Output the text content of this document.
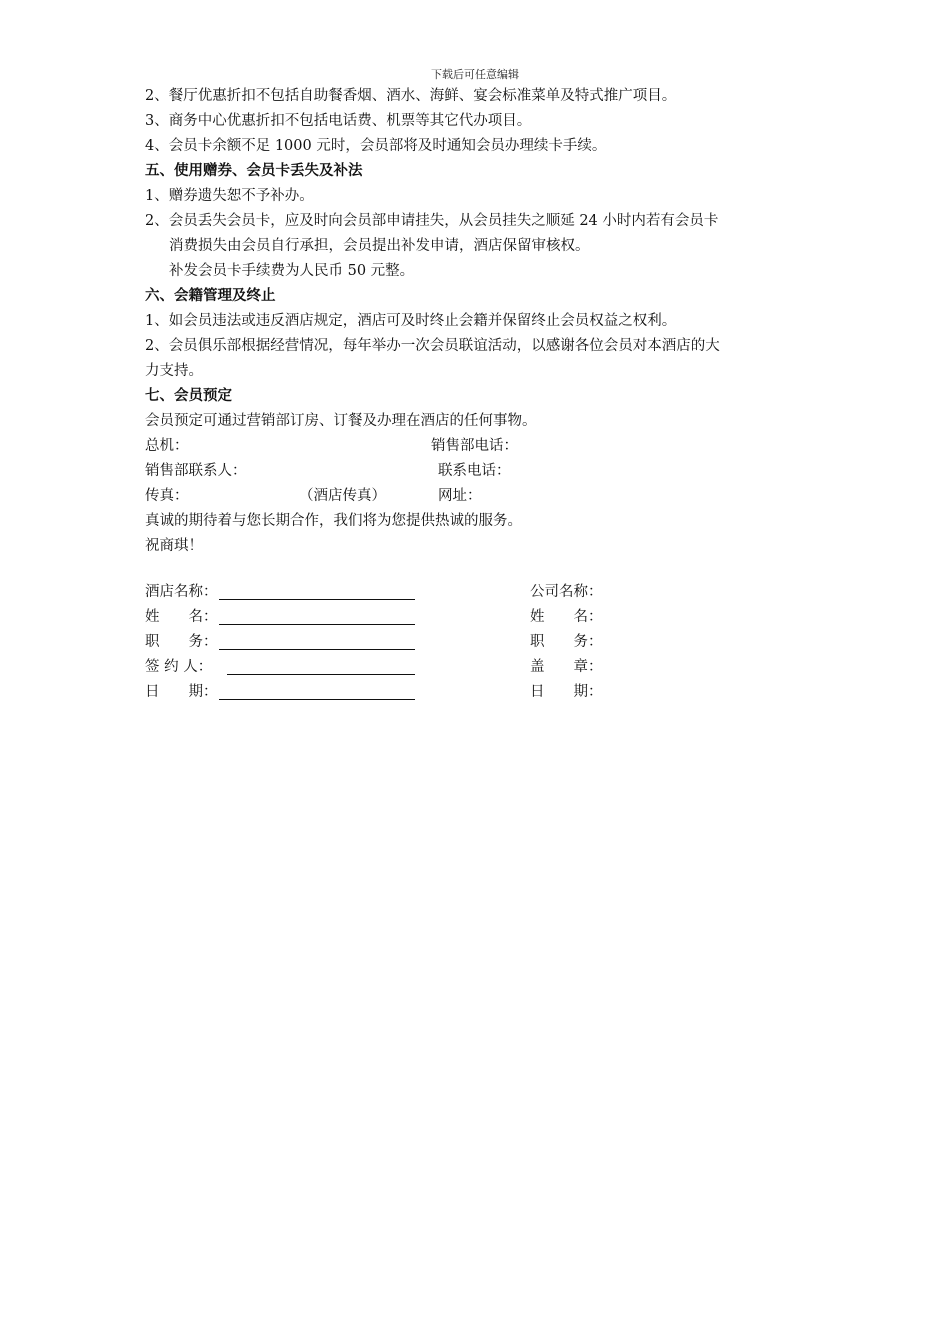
下载后可任意编辑
2、餐厅优惠折扣不包括自助餐香烟、酒水、海鲜、宴会标准菜单及特式推广项目。
3、商务中心优惠折扣不包括电话费、机票等其它代办项目。
4、会员卡余额不足 1000 元时，会员部将及时通知会员办理续卡手续。
五、使用赠券、会员卡丢失及补法
1、赠券遗失恕不予补办。
2、会员丢失会员卡，应及时向会员部申请挂失，从会员挂失之顺延 24 小时内若有会员卡
消费损失由会员自行承担，会员提出补发申请，酒店保留审核权。
补发会员卡手续费为人民币 50 元整。
六、会籍管理及终止
1、如会员违法或违反酒店规定，酒店可及时终止会籍并保留终止会员权益之权利。
2、会员俱乐部根据经营情况，每年举办一次会员联谊活动，以感谢各位会员对本酒店的大
力支持。
七、会员预定
会员预定可通过营销部订房、订餐及办理在酒店的任何事物。
总机：	销售部电话：
销售部联系人：	联系电话：
传真：	（酒店传真）	网址：
真诚的期待着与您长期合作，我们将为您提供热诚的服务。
祝商琪！
酒店名称：	公司名称：
姓　　名：	姓　　名：
职　　务：	职　　务：
签 约 人：	盖　　章：
日　　期：	日　　期：
